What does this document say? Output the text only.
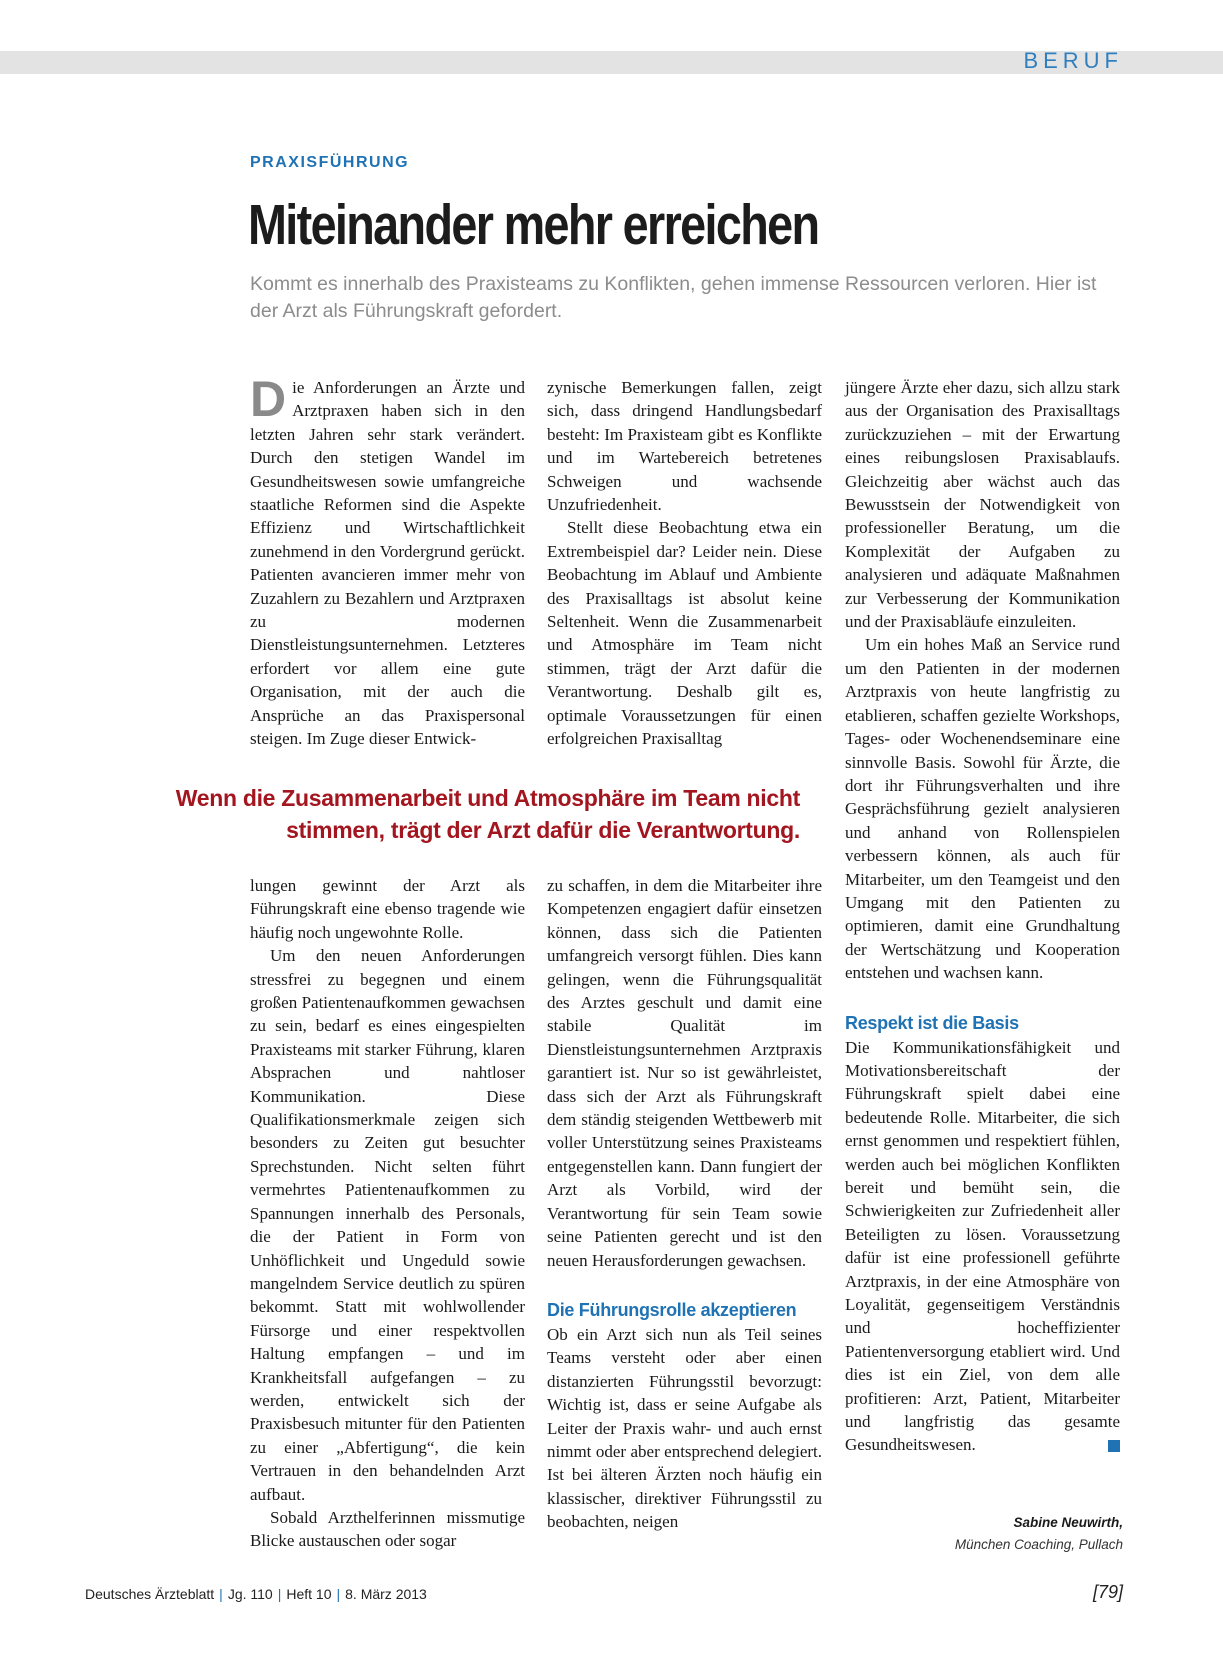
BERUF
PRAXISFÜHRUNG
Miteinander mehr erreichen

Kommt es innerhalb des Praxisteams zu Konflikten, gehen immense Ressourcen verloren. Hier ist der Arzt als Führungskraft gefordert.

Die Anforderungen an Ärzte und Arztpraxen haben sich in den letzten Jahren sehr stark verändert. Durch den stetigen Wandel im Gesundheitswesen sowie umfangreiche staatliche Reformen sind die Aspekte Effizienz und Wirtschaftlichkeit zunehmend in den Vordergrund gerückt. Patienten avancieren immer mehr von Zuzahlern zu Bezahlern und Arztpraxen zu modernen Dienstleistungsunternehmen. Letzteres erfordert vor allem eine gute Organisation, mit der auch die Ansprüche an das Praxispersonal steigen. Im Zuge dieser Entwick-

zynische Bemerkungen fallen, zeigt sich, dass dringend Handlungsbedarf besteht: Im Praxisteam gibt es Konflikte und im Wartebereich betretenes Schweigen und wachsende Unzufriedenheit.

Stellt diese Beobachtung etwa ein Extrembeispiel dar? Leider nein. Diese Beobachtung im Ablauf und Ambiente des Praxisalltags ist absolut keine Seltenheit. Wenn die Zusammenarbeit und Atmosphäre im Team nicht stimmen, trägt der Arzt dafür die Verantwortung. Deshalb gilt es, optimale Voraussetzungen für einen erfolgreichen Praxisalltag

Wenn die Zusammenarbeit und Atmosphäre im Team nicht stimmen, trägt der Arzt dafür die Verantwortung.

lungen gewinnt der Arzt als Führungskraft eine ebenso tragende wie häufig noch ungewohnte Rolle.

Um den neuen Anforderungen stressfrei zu begegnen und einem großen Patientenaufkommen gewachsen zu sein, bedarf es eines eingespielten Praxisteams mit starker Führung, klaren Absprachen und nahtloser Kommunikation. Diese Qualifikationsmerkmale zeigen sich besonders zu Zeiten gut besuchter Sprechstunden. Nicht selten führt vermehrtes Patientenaufkommen zu Spannungen innerhalb des Personals, die der Patient in Form von Unhöflichkeit und Ungeduld sowie mangelndem Service deutlich zu spüren bekommt. Statt mit wohlwollender Fürsorge und einer respektvollen Haltung empfangen – und im Krankheitsfall aufgefangen – zu werden, entwickelt sich der Praxisbesuch mitunter für den Patienten zu einer „Abfertigung“, die kein Vertrauen in den behandelnden Arzt aufbaut.

Sobald Arzthelferinnen missmutige Blicke austauschen oder sogar

zu schaffen, in dem die Mitarbeiter ihre Kompetenzen engagiert dafür einsetzen können, dass sich die Patienten umfangreich versorgt fühlen. Dies kann gelingen, wenn die Führungsqualität des Arztes geschult und damit eine stabile Qualität im Dienstleistungsunternehmen Arztpraxis garantiert ist. Nur so ist gewährleistet, dass sich der Arzt als Führungskraft dem ständig steigenden Wettbewerb mit voller Unterstützung seines Praxisteams entgegenstellen kann. Dann fungiert der Arzt als Vorbild, wird der Verantwortung für sein Team sowie seine Patienten gerecht und ist den neuen Herausforderungen gewachsen.

Die Führungsrolle akzeptieren

Ob ein Arzt sich nun als Teil seines Teams versteht oder aber einen distanzierten Führungsstil bevorzugt: Wichtig ist, dass er seine Aufgabe als Leiter der Praxis wahr- und auch ernst nimmt oder aber entsprechend delegiert. Ist bei älteren Ärzten noch häufig ein klassischer, direktiver Führungsstil zu beobachten, neigen

jüngere Ärzte eher dazu, sich allzu stark aus der Organisation des Praxisalltags zurückzuziehen – mit der Erwartung eines reibungslosen Praxisablaufs. Gleichzeitig aber wächst auch das Bewusstsein der Notwendigkeit von professioneller Beratung, um die Komplexität der Aufgaben zu analysieren und adäquate Maßnahmen zur Verbesserung der Kommunikation und der Praxisabläufe einzuleiten.

Um ein hohes Maß an Service rund um den Patienten in der modernen Arztpraxis von heute langfristig zu etablieren, schaffen gezielte Workshops, Tages- oder Wochenendseminare eine sinnvolle Basis. Sowohl für Ärzte, die dort ihr Führungsverhalten und ihre Gesprächsführung gezielt analysieren und anhand von Rollenspielen verbessern können, als auch für Mitarbeiter, um den Teamgeist und den Umgang mit den Patienten zu optimieren, damit eine Grundhaltung der Wertschätzung und Kooperation entstehen und wachsen kann.

Respekt ist die Basis

Die Kommunikationsfähigkeit und Motivationsbereitschaft der Führungskraft spielt dabei eine bedeutende Rolle. Mitarbeiter, die sich ernst genommen und respektiert fühlen, werden auch bei möglichen Konflikten bereit und bemüht sein, die Schwierigkeiten zur Zufriedenheit aller Beteiligten zu lösen. Voraussetzung dafür ist eine professionell geführte Arztpraxis, in der eine Atmosphäre von Loyalität, gegenseitigem Verständnis und hocheffizienter Patientenversorgung etabliert wird. Und dies ist ein Ziel, von dem alle profitieren: Arzt, Patient, Mitarbeiter und langfristig das gesamte Gesundheitswesen.

Sabine Neuwirth,
München Coaching, Pullach
Deutsches Ärzteblatt | Jg. 110 | Heft 10 | 8. März 2013	[79]
